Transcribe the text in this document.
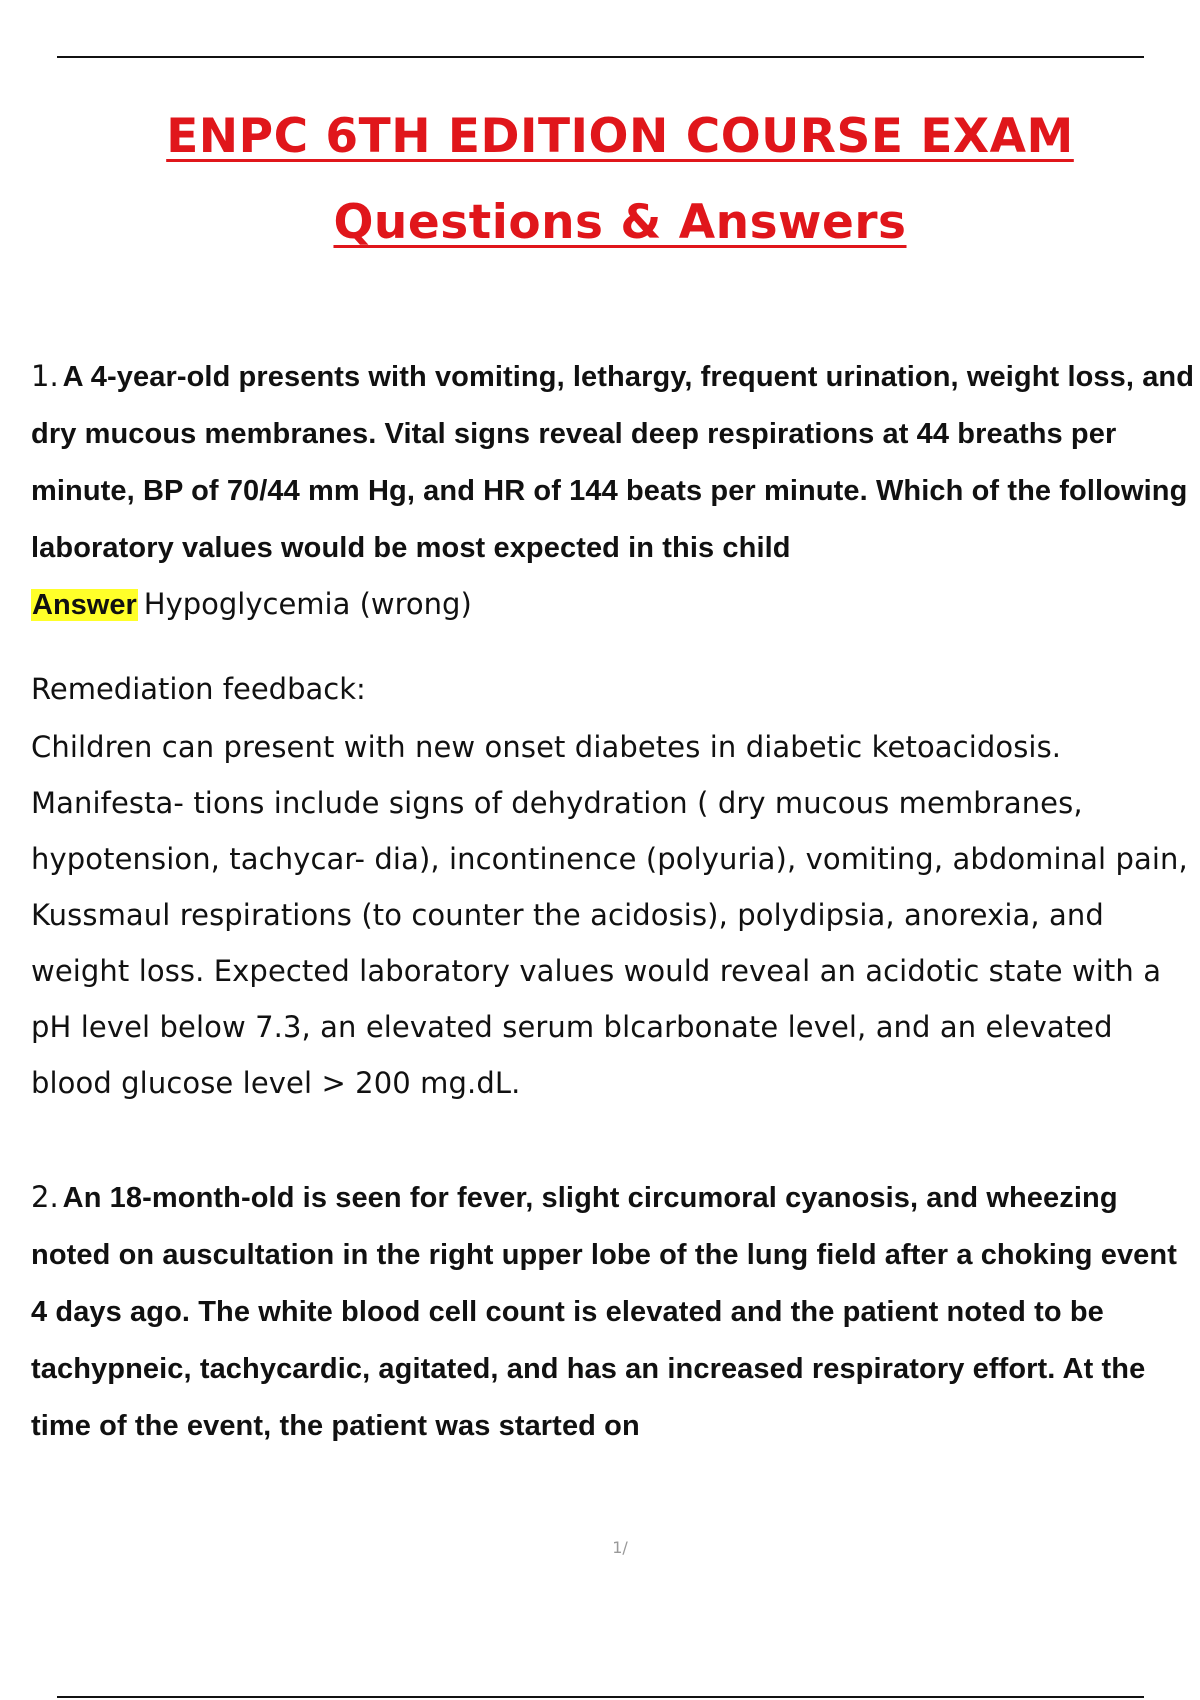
ENPC 6TH EDITION COURSE EXAM
Questions & Answers

1. A 4-year-old presents with vomiting, lethargy, frequent urination, weight loss, and dry mucous membranes. Vital signs reveal deep respirations at 44 breaths per minute, BP of 70/44 mm Hg, and HR of 144 beats per minute. Which of the following laboratory values would be most expected in this child

Answer Hypoglycemia (wrong)

Remediation feedback:

Children can present with new onset diabetes in diabetic ketoacidosis. Manifesta- tions include signs of dehydration ( dry mucous membranes, hypotension, tachycar- dia), incontinence (polyuria), vomiting, abdominal pain, Kussmaul respirations (to counter the acidosis), polydipsia, anorexia, and weight loss. Expected laboratory values would reveal an acidotic state with a pH level below 7.3, an elevated serum blcarbonate level, and an elevated blood glucose level > 200 mg.dL.

2. An 18-month-old is seen for fever, slight circumoral cyanosis, and wheezing noted on auscultation in the right upper lobe of the lung field after a choking event 4 days ago. The white blood cell count is elevated and the patient noted to be tachypneic, tachycardic, agitated, and has an increased respiratory effort. At the time of the event, the patient was started on

1/
